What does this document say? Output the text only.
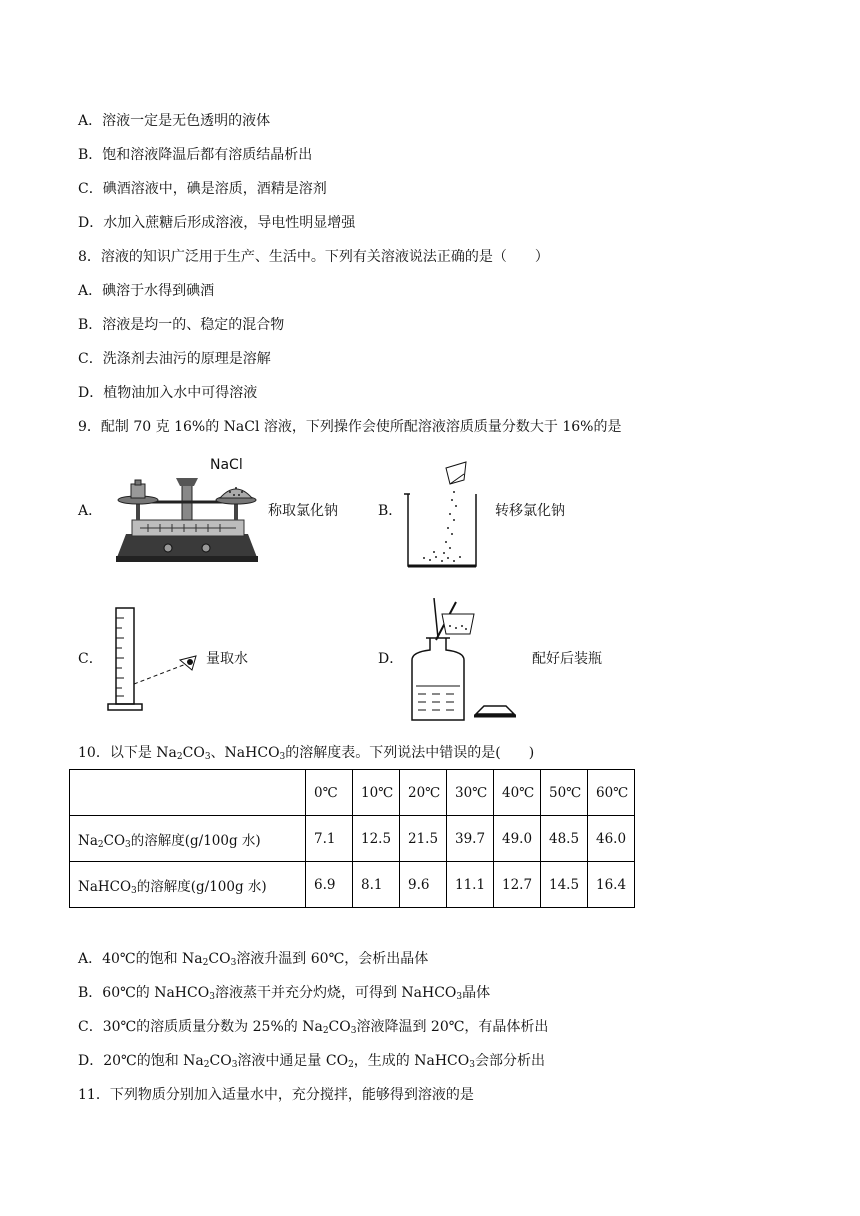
A．溶液一定是无色透明的液体
B．饱和溶液降温后都有溶质结晶析出
C．碘酒溶液中，碘是溶质，酒精是溶剂
D．水加入蔗糖后形成溶液，导电性明显增强
8．溶液的知识广泛用于生产、生活中。下列有关溶液说法正确的是（　　）
A．碘溶于水得到碘酒
B．溶液是均一的、稳定的混合物
C．洗涤剂去油污的原理是溶解
D．植物油加入水中可得溶液
9．配制 70 克 16%的 NaCl 溶液，下列操作会使所配溶液溶质质量分数大于 16%的是
A．
NaCl
称取氯化钠	B．	转移氯化钠
C．	量取水	D．	配好后装瓶
10．以下是 $Na_2CO_3$、NaHCO$_3$的溶解度表。下列说法中错误的是(　　)
	0℃	10℃	20℃	30℃	40℃	50℃	60℃
$Na_2CO_3$的溶解度(g/100g 水)	7.1	12.5	21.5	39.7	49.0	48.5	46.0
NaHCO$_3$的溶解度(g/100g 水)	6.9	8.1	9.6	11.1	12.7	14.5	16.4
A．40℃的饱和 $Na_2CO_3$溶液升温到 60℃，会析出晶体
B．60℃的 NaHCO$_3$溶液蒸干并充分灼烧，可得到 NaHCO$_3$晶体
C．30℃的溶质质量分数为 25%的 $Na_2CO_3$溶液降温到 20℃，有晶体析出
D．20℃的饱和 $Na_2CO_3$溶液中通足量 $CO_2$，生成的 NaHCO$_3$会部分析出
11．下列物质分别加入适量水中，充分搅拌，能够得到溶液的是
